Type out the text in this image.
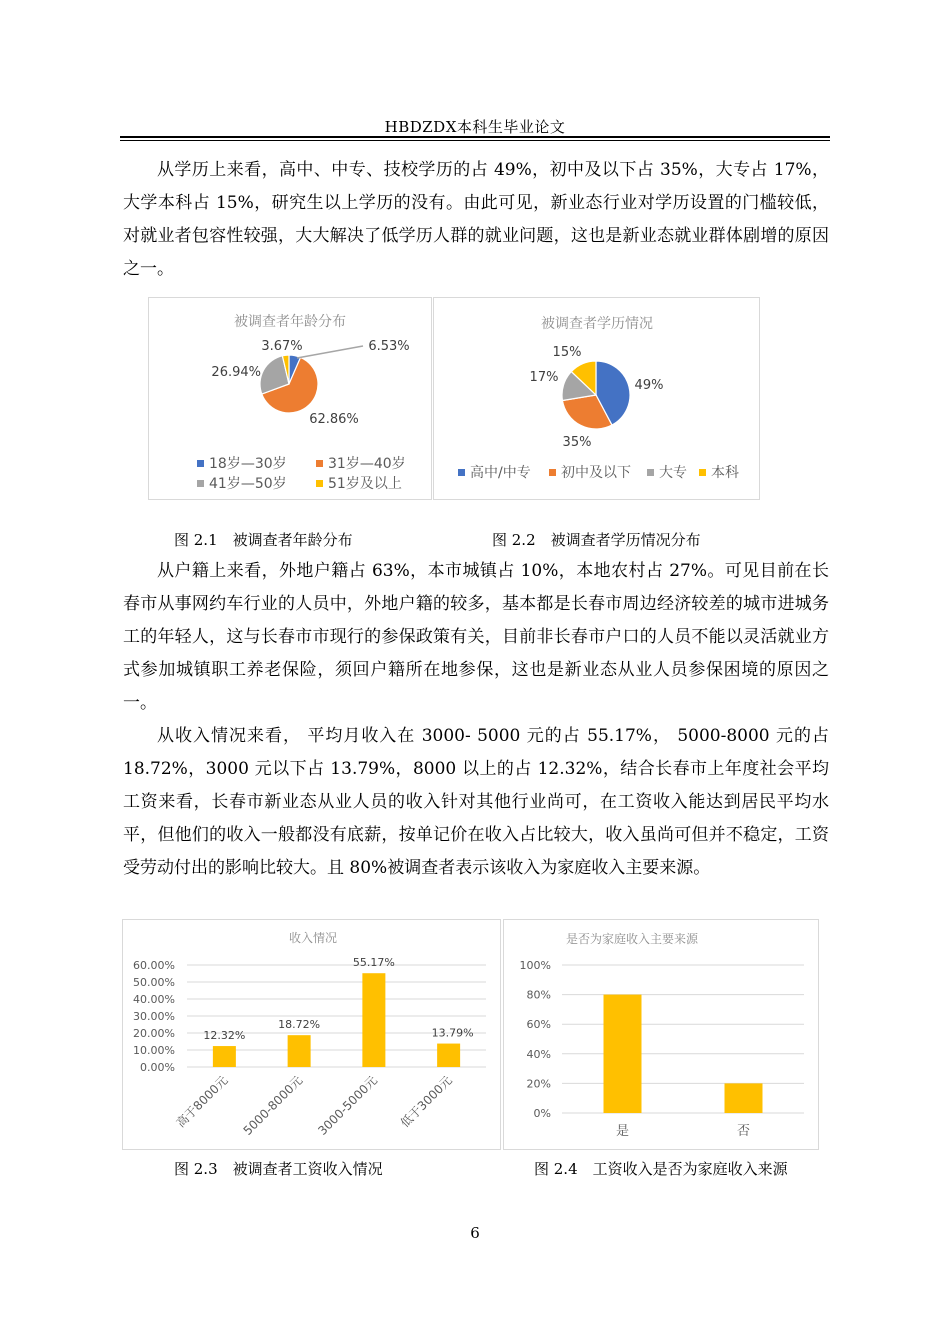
HBDZDX本科生毕业论文

从学历上来看，高中、中专、技校学历的占 49%，初中及以下占 35%，大专占 17%，大学本科占 15%，研究生以上学历的没有。由此可见，新业态行业对学历设置的门槛较低，对就业者包容性较强，大大解决了低学历人群的就业问题，这也是新业态就业群体剧增的原因之一。

被调查者年龄分布
6.53%
62.86%
26.94%
3.67%
18岁—30岁	31岁—40岁
41岁—50岁	51岁及以上
被调查者学历情况
49%
35%
17%
15%
高中/中专 初中及以下 大专 本科
图 2.1　被调查者年龄分布	图 2.2　被调查者学历情况分布

从户籍上来看，外地户籍占 63%，本市城镇占 10%，本地农村占 27%。可见目前在长春市从事网约车行业的人员中，外地户籍的较多，基本都是长春市周边经济较差的城市进城务工的年轻人，这与长春市市现行的参保政策有关，目前非长春市户口的人员不能以灵活就业方式参加城镇职工养老保险，须回户籍所在地参保，这也是新业态从业人员参保困境的原因之一。

从收入情况来看， 平均月收入在 3000- 5000 元的占 55.17%， 5000-8000 元的占 18.72%，3000 元以下占 13.79%，8000 以上的占 12.32%，结合长春市上年度社会平均工资来看，长春市新业态从业人员的收入针对其他行业尚可，在工资收入能达到居民平均水平，但他们的收入一般都没有底薪，按单记价在收入占比较大，收入虽尚可但并不稳定，工资受劳动付出的影响比较大。且 80%被调查者表示该收入为家庭收入主要来源。

收入情况
0.00%
10.00%
20.00%
30.00%
40.00%
50.00%
60.00%
12.32%
高于8000元
18.72%
5000-8000元
55.17%
3000-5000元
13.79%
低于3000元
是否为家庭收入主要来源
0%
20%
40%
60%
80%
100%
是	否
图 2.3　被调查者工资收入情况	图 2.4　工资收入是否为家庭收入来源
6
